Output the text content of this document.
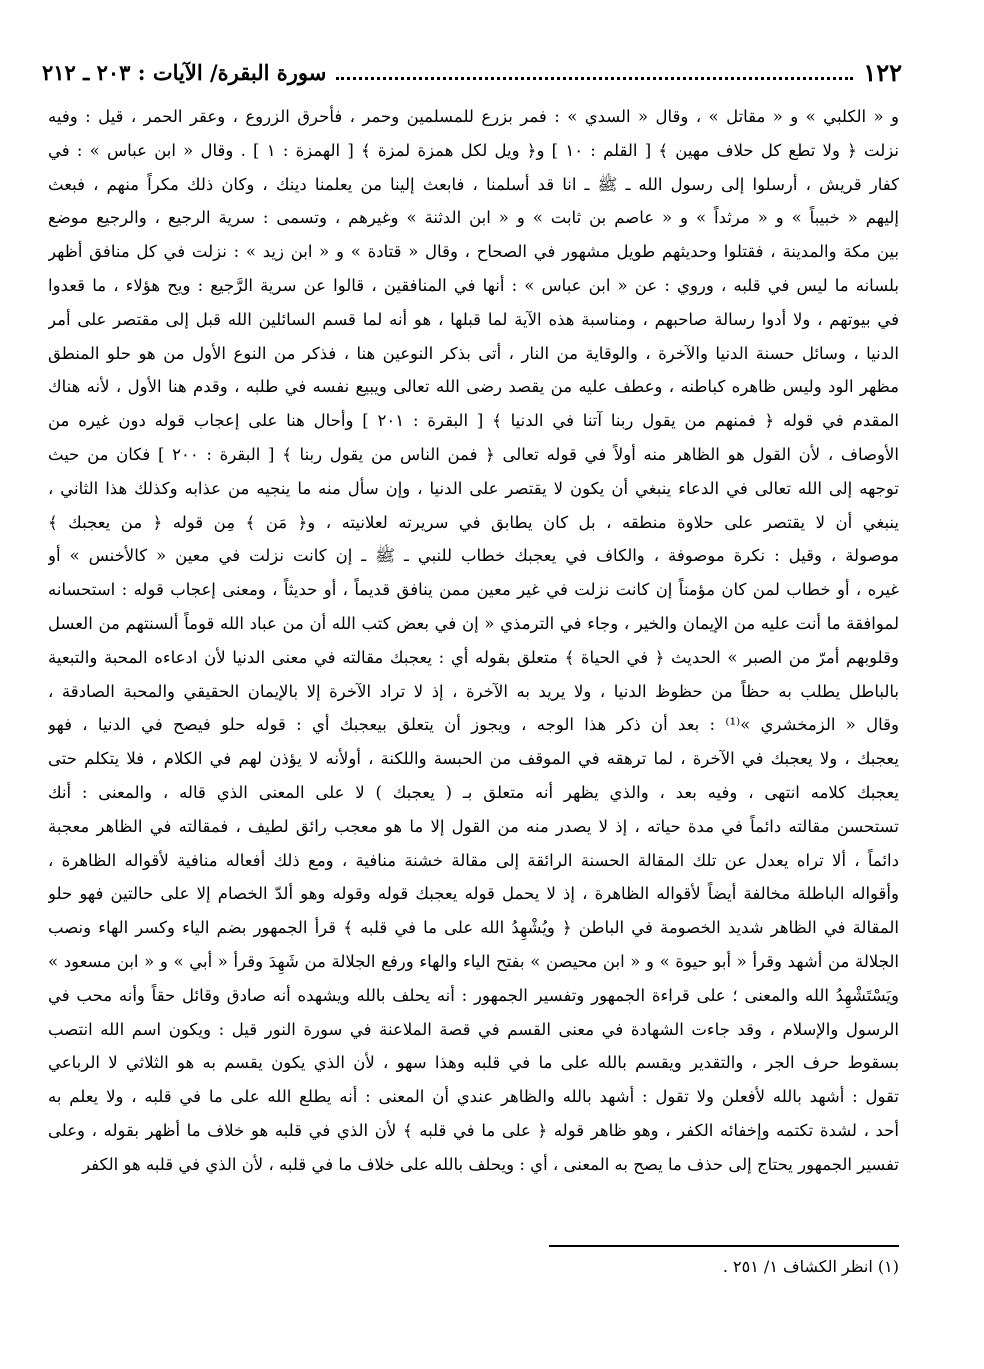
١٢٢
سورة البقرة/ الآيات : ٢٠٣ ـ ٢١٢
و « الكلبي » و « مقاتل » ، وقال « السدي » : فمر بزرع للمسلمين وحمر ، فأحرق الزروع ، وعقر الحمر ، قيل : وفيه
نزلت ﴿ ولا تطع كل حلاف مهين ﴾ [ القلم : ١٠ ] و﴿ ويل لكل همزة لمزة ﴾ [ الهمزة : ١ ] . وقال « ابن عباس » : في
كفار قريش ، أرسلوا إلى رسول الله ـ ﷺ ـ انا قد أسلمنا ، فابعث إلينا من يعلمنا دينك ، وكان ذلك مكراً منهم ، فبعث
إليهم « خبيباً » و « مرثداً » و « عاصم بن ثابت » و « ابن الدثنة » وغيرهم ، وتسمى : سرية الرجيع ، والرجيع موضع
بين مكة والمدينة ، فقتلوا وحديثهم طويل مشهور في الصحاح ، وقال « قتادة » و « ابن زيد » : نزلت في كل منافق أظهر
بلسانه ما ليس في قلبه ، وروي : عن « ابن عباس » : أنها في المنافقين ، قالوا عن سرية الرَّجيع : ويح هؤلاء ، ما قعدوا
في بيوتهم ، ولا أدوا رسالة صاحبهم ، ومناسبة هذه الآية لما قبلها ، هو أنه لما قسم السائلين الله قبل إلى مقتصر على أمر
الدنيا ، وسائل حسنة الدنيا والآخرة ، والوقاية من النار ، أتى بذكر النوعين هنا ، فذكر من النوع الأول من هو حلو المنطق
مظهر الود وليس ظاهره كباطنه ، وعطف عليه من يقصد رضى الله تعالى ويبيع نفسه في طلبه ، وقدم هنا الأول ، لأنه هناك
المقدم في قوله ﴿ فمنهم من يقول ربنا آتنا في الدنيا ﴾ [ البقرة : ٢٠١ ] وأحال هنا على إعجاب قوله دون غيره من
الأوصاف ، لأن القول هو الظاهر منه أولاً في قوله تعالى ﴿ فمن الناس من يقول ربنا ﴾ [ البقرة : ٢٠٠ ] فكان من حيث
توجهه إلى الله تعالى في الدعاء ينبغي أن يكون لا يقتصر على الدنيا ، وإن سأل منه ما ينجيه من عذابه وكذلك هذا الثاني ،
ينبغي أن لا يقتصر على حلاوة منطقه ، بل كان يطابق في سريرته لعلانيته ، و﴿ مَن ﴾ مِن قوله ﴿ من يعجبك ﴾
موصولة ، وقيل : نكرة موصوفة ، والكاف في يعجبك خطاب للنبي ـ ﷺ ـ إن كانت نزلت في معين « كالأخنس » أو
غيره ، أو خطاب لمن كان مؤمناً إن كانت نزلت في غير معين ممن ينافق قديماً ، أو حديثاً ، ومعنى إعجاب قوله : استحسانه
لموافقة ما أنت عليه من الإيمان والخير ، وجاء في الترمذي « إن في بعض كتب الله أن من عباد الله قوماً ألسنتهم من العسل
وقلوبهم أمرّ من الصبر » الحديث ﴿ في الحياة ﴾ متعلق بقوله أي : يعجبك مقالته في معنى الدنيا لأن ادعاءه المحبة والتبعية
بالباطل يطلب به حظاً من حظوظ الدنيا ، ولا يريد به الآخرة ، إذ لا تراد الآخرة إلا بالإيمان الحقيقي والمحبة الصادقة ،
وقال « الزمخشري »⁽¹⁾ : بعد أن ذكر هذا الوجه ، ويجوز أن يتعلق بيعجبك أي : قوله حلو فيصح في الدنيا ، فهو
يعجبك ، ولا يعجبك في الآخرة ، لما ترهقه في الموقف من الحبسة واللكنة ، أولأنه لا يؤذن لهم في الكلام ، فلا يتكلم حتى
يعجبك كلامه انتهى ، وفيه بعد ، والذي يظهر أنه متعلق بـ ( يعجبك ) لا على المعنى الذي قاله ، والمعنى : أنك
تستحسن مقالته دائماً في مدة حياته ، إذ لا يصدر منه من القول إلا ما هو معجب رائق لطيف ، فمقالته في الظاهر معجبة
دائماً ، ألا تراه يعدل عن تلك المقالة الحسنة الرائقة إلى مقالة خشنة منافية ، ومع ذلك أفعاله منافية لأقواله الظاهرة ،
وأقواله الباطلة مخالفة أيضاً لأقواله الظاهرة ، إذ لا يحمل قوله يعجبك قوله وقوله وهو ألدّ الخصام إلا على حالتين فهو حلو
المقالة في الظاهر شديد الخصومة في الباطن ﴿ ويُشْهِدُ الله على ما في قلبه ﴾ قرأ الجمهور بضم الياء وكسر الهاء ونصب
الجلالة من أشهد وقرأ « أبو حيوة » و « ابن محيصن » بفتح الياء والهاء ورفع الجلالة من شَهِدَ وقرأ « أبي » و « ابن مسعود »
ويَسْتَشْهِدُ الله والمعنى ؛ على قراءة الجمهور وتفسير الجمهور : أنه يحلف بالله ويشهده أنه صادق وقائل حقاً وأنه محب في
الرسول والإسلام ، وقد جاءت الشهادة في معنى القسم في قصة الملاعنة في سورة النور قيل : ويكون اسم الله انتصب
بسقوط حرف الجر ، والتقدير ويقسم بالله على ما في قلبه وهذا سهو ، لأن الذي يكون يقسم به هو الثلاثي لا الرباعي
تقول : أشهد بالله لأفعلن ولا تقول : أشهد بالله والظاهر عندي أن المعنى : أنه يطلع الله على ما في قلبه ، ولا يعلم به
أحد ، لشدة تكتمه وإخفائه الكفر ، وهو ظاهر قوله ﴿ على ما في قلبه ﴾ لأن الذي في قلبه هو خلاف ما أظهر بقوله ، وعلى
تفسير الجمهور يحتاج إلى حذف ما يصح به المعنى ، أي : ويحلف بالله على خلاف ما في قلبه ، لأن الذي في قلبه هو الكفر
(١) انظر الكشاف ١/ ٢٥١ .
